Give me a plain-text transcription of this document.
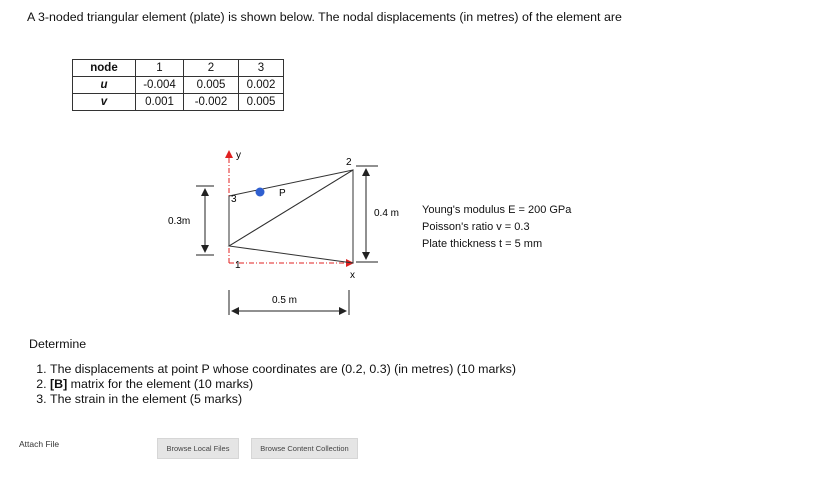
A 3-noded triangular element (plate) is shown below. The nodal displacements (in metres) of the element are
node	1	2	3
u	-0.004	0.005	0.002
v	0.001	-0.002	0.005
y
x
1
2
3
P
0.3m
0.4 m
0.5 m
Young's modulus E = 200 GPa
Poisson's ratio v = 0.3
Plate thickness t = 5 mm
Determine
1. The displacements at point P whose coordinates are (0.2, 0.3) (in metres) (10 marks)
2. [B] matrix for the element (10 marks)
3. The strain in the element (5 marks)
Attach File	Browse Local Files	Browse Content Collection
